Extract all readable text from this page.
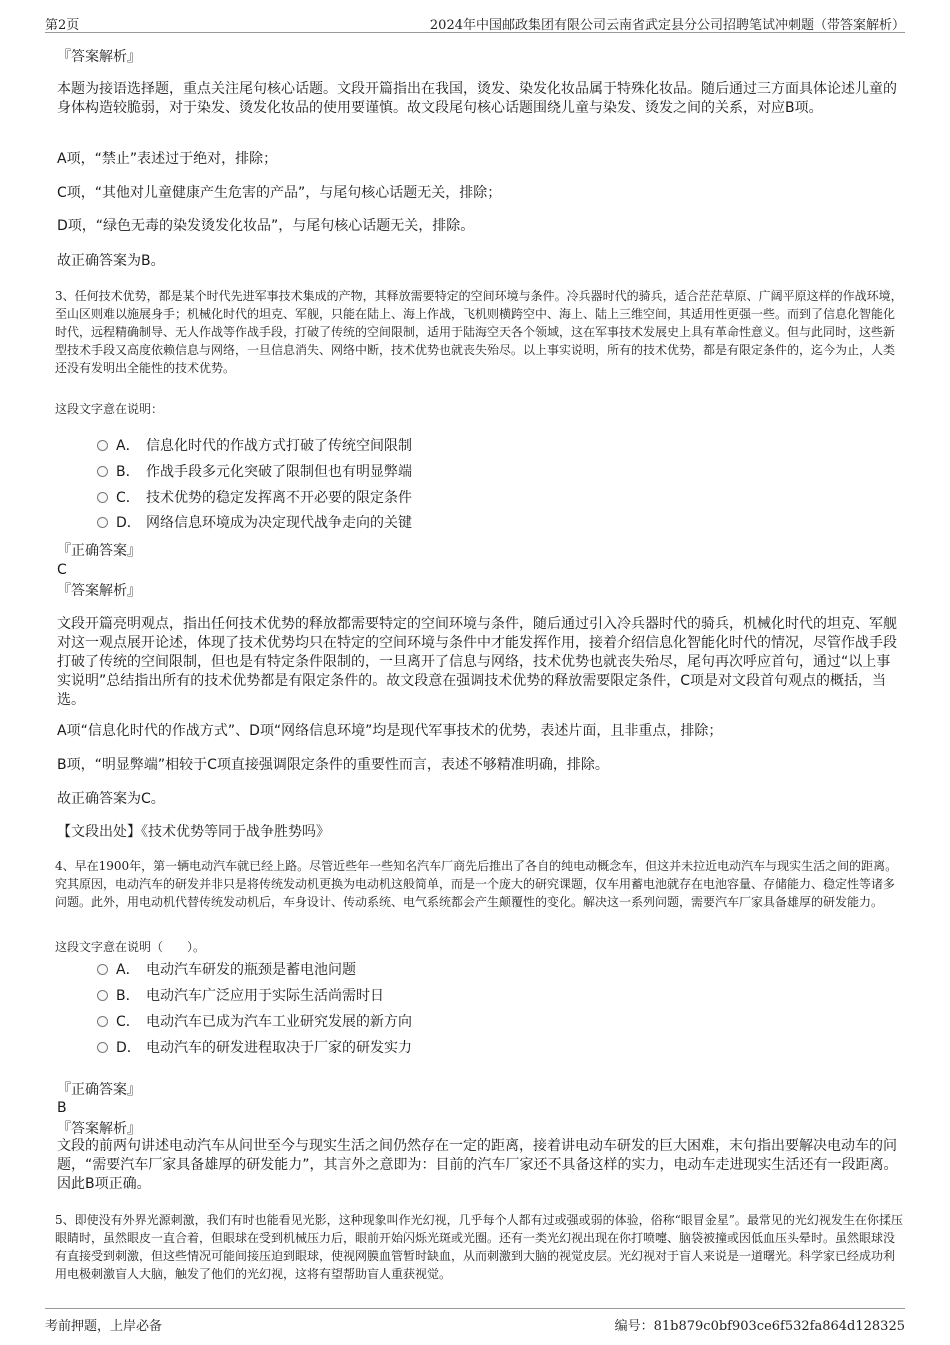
第2页	2024年中国邮政集团有限公司云南省武定县分公司招聘笔试冲刺题（带答案解析）
『答案解析』
本题为接语选择题，重点关注尾句核心话题。文段开篇指出在我国，烫发、染发化妆品属于特殊化妆品。随后通过三方面具体论述儿童的身体构造较脆弱，对于染发、烫发化妆品的使用要谨慎。故文段尾句核心话题围绕儿童与染发、烫发之间的关系，对应B项。
A项，“禁止”表述过于绝对，排除；
C项，“其他对儿童健康产生危害的产品”，与尾句核心话题无关，排除；
D项，“绿色无毒的染发烫发化妆品”，与尾句核心话题无关，排除。
故正确答案为B。
3、任何技术优势，都是某个时代先进军事技术集成的产物，其释放需要特定的空间环境与条件。冷兵器时代的骑兵，适合茫茫草原、广阔平原这样的作战环境，至山区则难以施展身手；机械化时代的坦克、军舰，只能在陆上、海上作战，飞机则横跨空中、海上、陆上三维空间，其适用性更强一些。而到了信息化智能化时代，远程精确制导、无人作战等作战手段，打破了传统的空间限制，适用于陆海空天各个领域，这在军事技术发展史上具有革命性意义。但与此同时，这些新型技术手段又高度依赖信息与网络，一旦信息消失、网络中断，技术优势也就丧失殆尽。以上事实说明，所有的技术优势，都是有限定条件的，迄今为止，人类还没有发明出全能性的技术优势。
这段文字意在说明：
A． 信息化时代的作战方式打破了传统空间限制
B． 作战手段多元化突破了限制但也有明显弊端
C． 技术优势的稳定发挥离不开必要的限定条件
D． 网络信息环境成为决定现代战争走向的关键
『正确答案』
C
『答案解析』
文段开篇亮明观点，指出任何技术优势的释放都需要特定的空间环境与条件，随后通过引入冷兵器时代的骑兵，机械化时代的坦克、军舰对这一观点展开论述，体现了技术优势均只在特定的空间环境与条件中才能发挥作用，接着介绍信息化智能化时代的情况，尽管作战手段打破了传统的空间限制，但也是有特定条件限制的，一旦离开了信息与网络，技术优势也就丧失殆尽，尾句再次呼应首句，通过“以上事实说明”总结指出所有的技术优势都是有限定条件的。故文段意在强调技术优势的释放需要限定条件，C项是对文段首句观点的概括，当选。
A项“信息化时代的作战方式”、D项“网络信息环境”均是现代军事技术的优势，表述片面，且非重点，排除；
B项，“明显弊端”相较于C项直接强调限定条件的重要性而言，表述不够精准明确，排除。
故正确答案为C。
【文段出处】《技术优势等同于战争胜势吗》
4、早在1900年，第一辆电动汽车就已经上路。尽管近些年一些知名汽车厂商先后推出了各自的纯电动概念车，但这并未拉近电动汽车与现实生活之间的距离。究其原因，电动汽车的研发并非只是将传统发动机更换为电动机这般简单，而是一个庞大的研究课题，仅车用蓄电池就存在电池容量、存储能力、稳定性等诸多问题。此外，用电动机代替传统发动机后，车身设计、传动系统、电气系统都会产生颠覆性的变化。解决这一系列问题，需要汽车厂家具备雄厚的研发能力。
这段文字意在说明（　　）。
A． 电动汽车研发的瓶颈是蓄电池问题
B． 电动汽车广泛应用于实际生活尚需时日
C． 电动汽车已成为汽车工业研究发展的新方向
D． 电动汽车的研发进程取决于厂家的研发实力
『正确答案』
B
『答案解析』
文段的前两句讲述电动汽车从问世至今与现实生活之间仍然存在一定的距离，接着讲电动车研发的巨大困难，末句指出要解决电动车的问题，“需要汽车厂家具备雄厚的研发能力”，其言外之意即为：目前的汽车厂家还不具备这样的实力，电动车走进现实生活还有一段距离。因此B项正确。
5、即使没有外界光源刺激，我们有时也能看见光影，这种现象叫作光幻视，几乎每个人都有过或强或弱的体验，俗称“眼冒金星”。最常见的光幻视发生在你揉压眼睛时，虽然眼皮一直合着，但眼球在受到机械压力后，眼前开始闪烁光斑或光圈。还有一类光幻视出现在你打喷嚏、脑袋被撞或因低血压头晕时。虽然眼球没有直接受到刺激，但这些情况可能间接压迫到眼球，使视网膜血管暂时缺血，从而刺激到大脑的视觉皮层。光幻视对于盲人来说是一道曙光。科学家已经成功利用电极刺激盲人大脑，触发了他们的光幻视，这将有望帮助盲人重获视觉。
考前押题，上岸必备	编号：81b879c0bf903ce6f532fa864d128325
